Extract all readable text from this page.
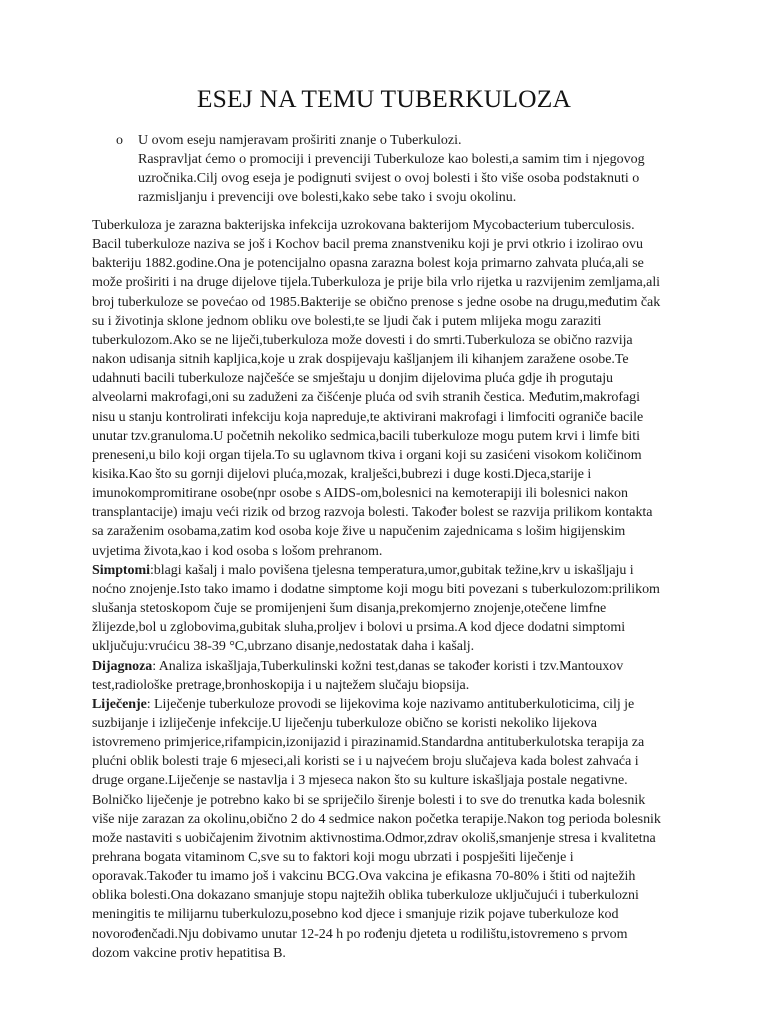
ESEJ NA TEMU TUBERKULOZA
o U ovom eseju namjeravam proširiti znanje o Tuberkulozi.
Raspravljat ćemo o promociji i prevenciji Tuberkuloze kao bolesti,a samim tim i njegovog
uzročnika.Cilj ovog eseja je podignuti svijest o ovoj bolesti i što više osoba podstaknuti o
razmisljanju i prevenciji ove bolesti,kako sebe tako i svoju okolinu.
Tuberkuloza je zarazna bakterijska infekcija uzrokovana bakterijom Mycobacterium tuberculosis.
Bacil tuberkuloze naziva se još i Kochov bacil prema znanstveniku koji je prvi otkrio i izolirao ovu
bakteriju 1882.godine.Ona je potencijalno opasna zarazna bolest koja primarno zahvata pluća,ali se
može proširiti i na druge dijelove tijela.Tuberkuloza je prije bila vrlo rijetka u razvijenim zemljama,ali
broj tuberkuloze se povećao od 1985.Bakterije se obično prenose s jedne osobe na drugu,međutim čak
su i životinja sklone jednom obliku ove bolesti,te se ljudi čak i putem mlijeka mogu zaraziti
tuberkulozom.Ako se ne liječi,tuberkuloza može dovesti i do smrti.Tuberkuloza se obično razvija
nakon udisanja sitnih kapljica,koje u zrak dospijevaju kašljanjem ili kihanjem zaražene osobe.Te
udahnuti bacili tuberkuloze najčešće se smještaju u donjim dijelovima pluća gdje ih progutaju
alveolarni makrofagi,oni su zaduženi za čišćenje pluća od svih stranih čestica. Međutim,makrofagi
nisu u stanju kontrolirati infekciju koja napreduje,te aktivirani makrofagi i limfociti ograniče bacile
unutar tzv.granuloma.U početnih nekoliko sedmica,bacili tuberkuloze mogu putem krvi i limfe biti
preneseni,u bilo koji organ tijela.To su uglavnom tkiva i organi koji su zasićeni visokom količinom
kisika.Kao što su gornji dijelovi pluća,mozak, kralješci,bubrezi i duge kosti.Djeca,starije i
imunokompromitirane osobe(npr osobe s AIDS-om,bolesnici na kemoterapiji ili bolesnici nakon
transplantacije) imaju veći rizik od brzog razvoja bolesti. Također bolest se razvija prilikom kontakta
sa zaraženim osobama,zatim kod osoba koje žive u napučenim zajednicama s lošim higijenskim
uvjetima života,kao i kod osoba s lošom prehranom.
Simptomi:blagi kašalj i malo povišena tjelesna temperatura,umor,gubitak težine,krv u iskašljaju i
noćno znojenje.Isto tako imamo i dodatne simptome koji mogu biti povezani s tuberkulozom:prilikom
slušanja stetoskopom čuje se promijenjeni šum disanja,prekomjerno znojenje,otečene limfne
žlijezde,bol u zglobovima,gubitak sluha,proljev i bolovi u prsima.A kod djece dodatni simptomi
uključuju:vrućicu 38-39 °C,ubrzano disanje,nedostatak daha i kašalj.
Dijagnoza: Analiza iskašljaja,Tuberkulinski kožni test,danas se također koristi i tzv.Mantouxov
test,radiološke pretrage,bronhoskopija i u najtežem slučaju biopsija.
Liječenje: Liječenje tuberkuloze provodi se lijekovima koje nazivamo antituberkuloticima, cilj je
suzbijanje i izliječenje infekcije.U liječenju tuberkuloze obično se koristi nekoliko lijekova
istovremeno primjerice,rifampicin,izonijazid i pirazinamid.Standardna antituberkulotska terapija za
plućni oblik bolesti traje 6 mjeseci,ali koristi se i u najvećem broju slučajeva kada bolest zahvaća i
druge organe.Liječenje se nastavlja i 3 mjeseca nakon što su kulture iskašljaja postale negativne.
Bolničko liječenje je potrebno kako bi se spriječilo širenje bolesti i to sve do trenutka kada bolesnik
više nije zarazan za okolinu,obično 2 do 4 sedmice nakon početka terapije.Nakon tog perioda bolesnik
može nastaviti s uobičajenim životnim aktivnostima.Odmor,zdrav okoliš,smanjenje stresa i kvalitetna
prehrana bogata vitaminom C,sve su to faktori koji mogu ubrzati i pospješiti liječenje i
oporavak.Također tu imamo još i vakcinu BCG.Ova vakcina je efikasna 70-80% i štiti od najtežih
oblika bolesti.Ona dokazano smanjuje stopu najtežih oblika tuberkuloze uključujući i tuberkulozni
meningitis te milijarnu tuberkulozu,posebno kod djece i smanjuje rizik pojave tuberkuloze kod
novorođenčadi.Nju dobivamo unutar 12-24 h po rođenju djeteta u rodilištu,istovremeno s prvom
dozom vakcine protiv hepatitisa B.
